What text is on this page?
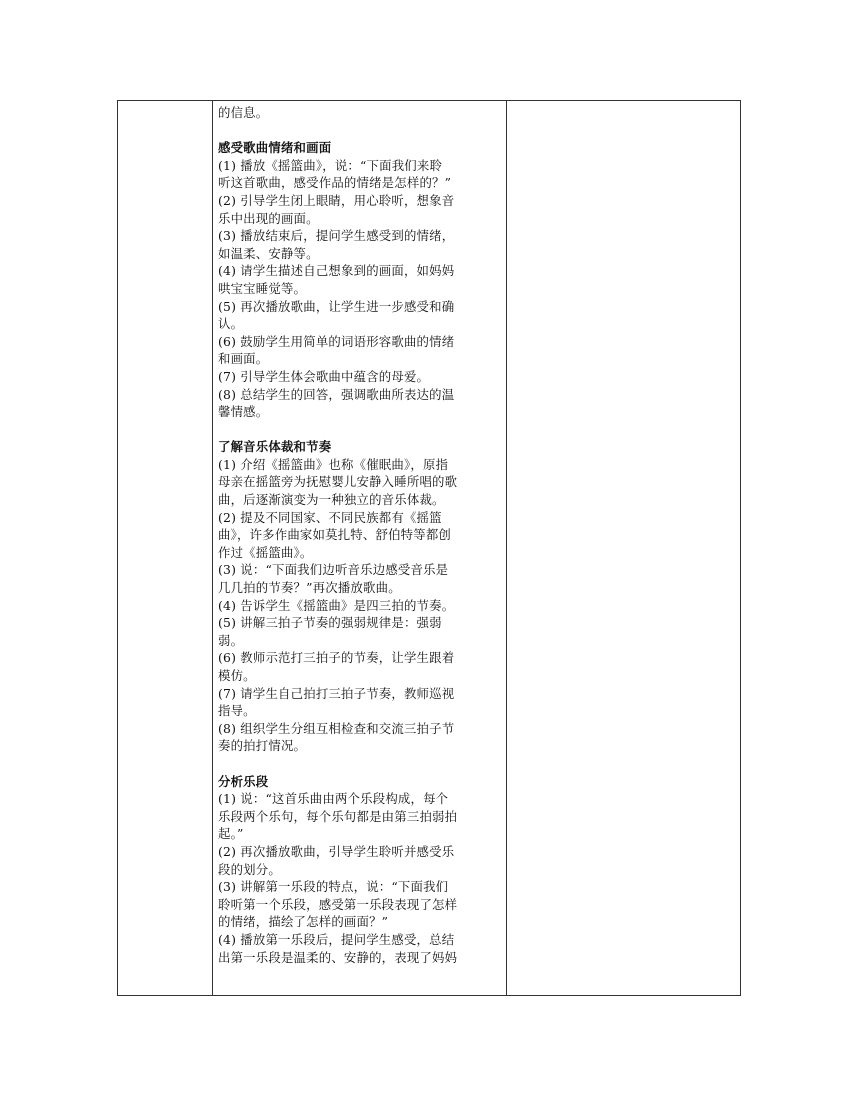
的信息。

感受歌曲情绪和画面

(1) 播放《摇篮曲》，说：“下面我们来聆

听这首歌曲，感受作品的情绪是怎样的？”

(2) 引导学生闭上眼睛，用心聆听，想象音

乐中出现的画面。

(3) 播放结束后，提问学生感受到的情绪，

如温柔、安静等。

(4) 请学生描述自己想象到的画面，如妈妈

哄宝宝睡觉等。

(5) 再次播放歌曲，让学生进一步感受和确

认。

(6) 鼓励学生用简单的词语形容歌曲的情绪

和画面。

(7) 引导学生体会歌曲中蕴含的母爱。

(8) 总结学生的回答，强调歌曲所表达的温

馨情感。

了解音乐体裁和节奏

(1) 介绍《摇篮曲》也称《催眠曲》，原指

母亲在摇篮旁为抚慰婴儿安静入睡所唱的歌

曲，后逐渐演变为一种独立的音乐体裁。

(2) 提及不同国家、不同民族都有《摇篮

曲》，许多作曲家如莫扎特、舒伯特等都创

作过《摇篮曲》。

(3) 说：“下面我们边听音乐边感受音乐是

几几拍的节奏？”再次播放歌曲。

(4) 告诉学生《摇篮曲》是四三拍的节奏。

(5) 讲解三拍子节奏的强弱规律是：强弱

弱。

(6) 教师示范打三拍子的节奏，让学生跟着

模仿。

(7) 请学生自己拍打三拍子节奏，教师巡视

指导。

(8) 组织学生分组互相检查和交流三拍子节

奏的拍打情况。

分析乐段

(1) 说：“这首乐曲由两个乐段构成，每个

乐段两个乐句，每个乐句都是由第三拍弱拍

起。”

(2) 再次播放歌曲，引导学生聆听并感受乐

段的划分。

(3) 讲解第一乐段的特点，说：“下面我们

聆听第一个乐段，感受第一乐段表现了怎样

的情绪，描绘了怎样的画面？”

(4) 播放第一乐段后，提问学生感受，总结

出第一乐段是温柔的、安静的，表现了妈妈
